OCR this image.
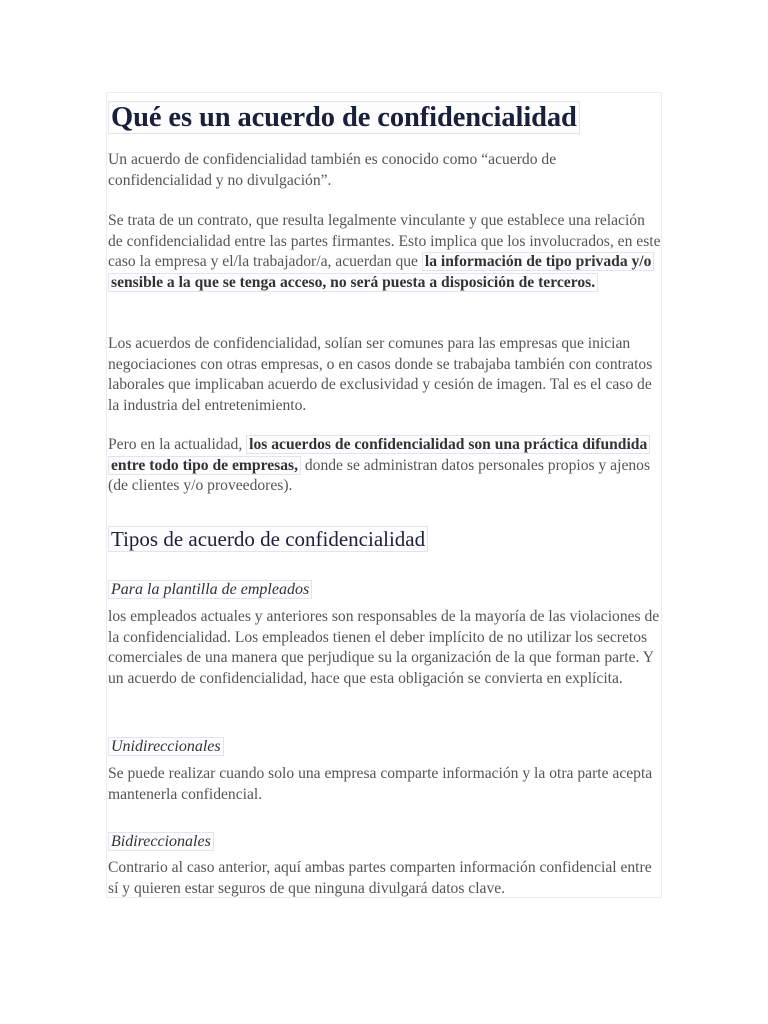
Qué es un acuerdo de confidencialidad

Un acuerdo de confidencialidad también es conocido como “acuerdo de confidencialidad y no divulgación”.

Se trata de un contrato, que resulta legalmente vinculante y que establece una relación de confidencialidad entre las partes firmantes. Esto implica que los involucrados, en este caso la empresa y el/la trabajador/a, acuerdan que la información de tipo privada y/o sensible a la que se tenga acceso, no será puesta a disposición de terceros.

Los acuerdos de confidencialidad, solían ser comunes para las empresas que inician negociaciones con otras empresas, o en casos donde se trabajaba también con contratos laborales que implicaban acuerdo de exclusividad y cesión de imagen. Tal es el caso de la industria del entretenimiento.

Pero en la actualidad, los acuerdos de confidencialidad son una práctica difundida entre todo tipo de empresas, donde se administran datos personales propios y ajenos (de clientes y/o proveedores).

Tipos de acuerdo de confidencialidad
Para la plantilla de empleados

los empleados actuales y anteriores son responsables de la mayoría de las violaciones de la confidencialidad. Los empleados tienen el deber implícito de no utilizar los secretos comerciales de una manera que perjudique su la organización de la que forman parte. Y un acuerdo de confidencialidad, hace que esta obligación se convierta en explícita.

Unidireccionales

Se puede realizar cuando solo una empresa comparte información y la otra parte acepta mantenerla confidencial.

Bidireccionales

Contrario al caso anterior, aquí ambas partes comparten información confidencial entre sí y quieren estar seguros de que ninguna divulgará datos clave.
